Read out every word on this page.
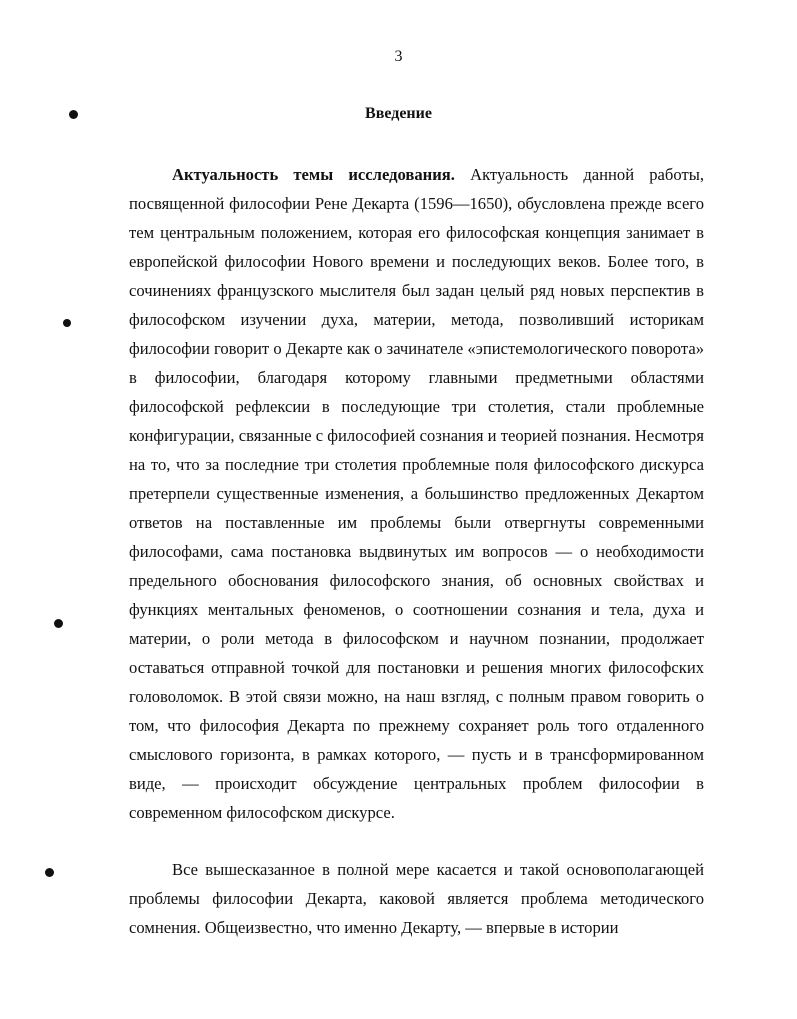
3
Введение

Актуальность темы исследования. Актуальность данной работы, посвященной философии Рене Декарта (1596—1650), обусловлена прежде всего тем центральным положением, которая его философская концепция занимает в европейской философии Нового времени и последующих веков. Более того, в сочинениях французского мыслителя был задан целый ряд новых перспектив в философском изучении духа, материи, метода, позволивший историкам философии говорит о Декарте как о зачинателе «эпистемологического поворота» в философии, благодаря которому главными предметными областями философской рефлексии в последующие три столетия, стали проблемные конфигурации, связанные с философией сознания и теорией познания. Несмотря на то, что за последние три столетия проблемные поля философского дискурса претерпели существенные изменения, а большинство предложенных Декартом ответов на поставленные им проблемы были отвергнуты современными философами, сама постановка выдвинутых им вопросов — о необходимости предельного обоснования философского знания, об основных свойствах и функциях ментальных феноменов, о соотношении сознания и тела, духа и материи, о роли метода в философском и научном познании, продолжает оставаться отправной точкой для постановки и решения многих философских головоломок. В этой связи можно, на наш взгляд, с полным правом говорить о том, что философия Декарта по прежнему сохраняет роль того отдаленного смыслового горизонта, в рамках которого, — пусть и в трансформированном виде, — происходит обсуждение центральных проблем философии в современном философском дискурсе.

Все вышесказанное в полной мере касается и такой основополагающей проблемы философии Декарта, каковой является проблема методического сомнения. Общеизвестно, что именно Декарту, — впервые в истории
